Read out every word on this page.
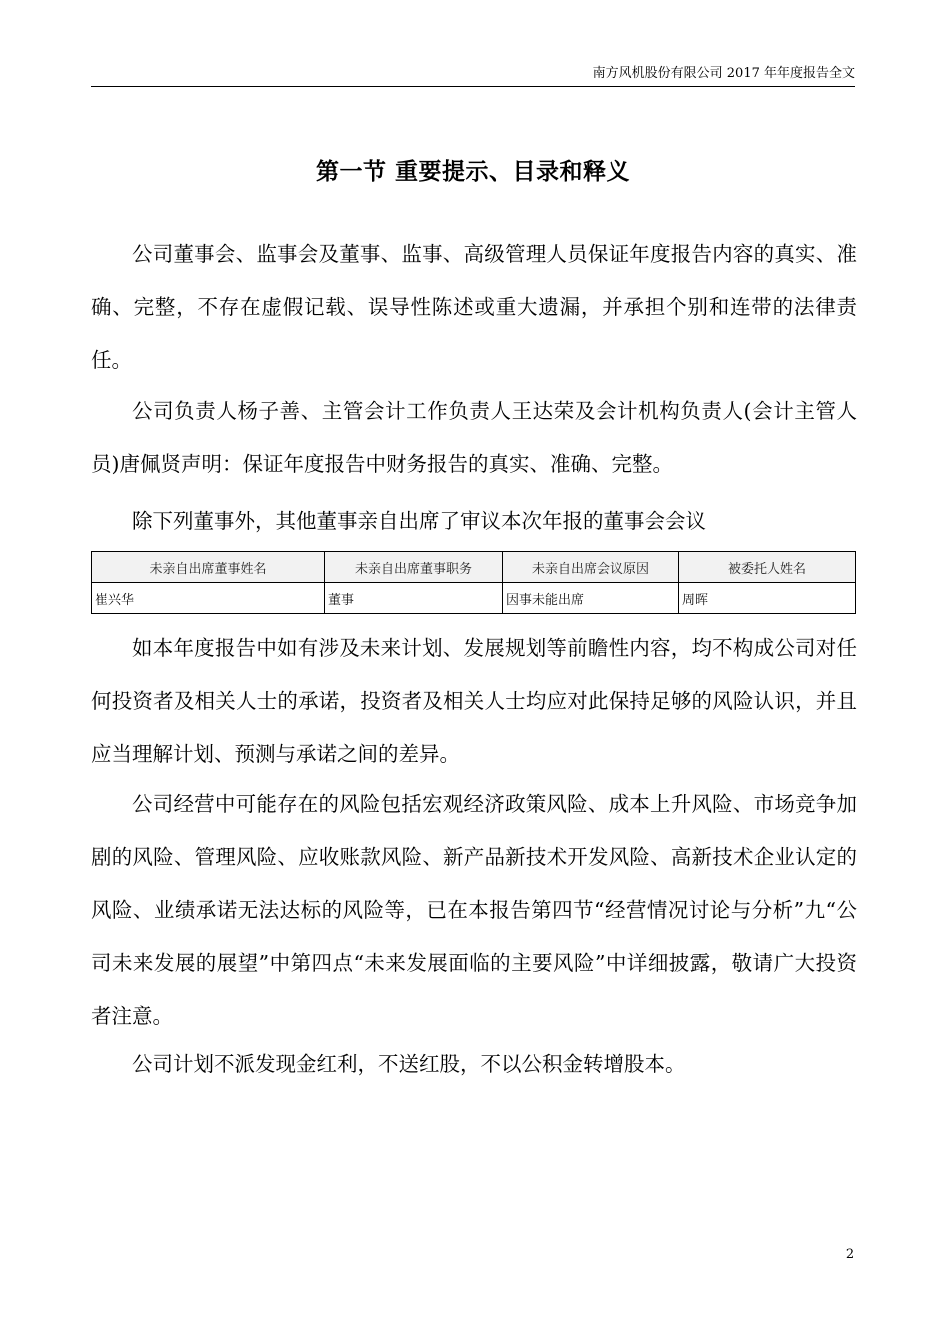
南方风机股份有限公司 2017 年年度报告全文
第一节 重要提示、目录和释义

公司董事会、监事会及董事、监事、高级管理人员保证年度报告内容的真实、准确、完整，不存在虚假记载、误导性陈述或重大遗漏，并承担个别和连带的法律责任。

公司负责人杨子善、主管会计工作负责人王达荣及会计机构负责人(会计主管人员)唐佩贤声明：保证年度报告中财务报告的真实、准确、完整。

除下列董事外，其他董事亲自出席了审议本次年报的董事会会议

未亲自出席董事姓名	未亲自出席董事职务	未亲自出席会议原因	被委托人姓名
崔兴华	董事	因事未能出席	周晖

如本年度报告中如有涉及未来计划、发展规划等前瞻性内容，均不构成公司对任何投资者及相关人士的承诺，投资者及相关人士均应对此保持足够的风险认识，并且应当理解计划、预测与承诺之间的差异。

公司经营中可能存在的风险包括宏观经济政策风险、成本上升风险、市场竞争加剧的风险、管理风险、应收账款风险、新产品新技术开发风险、高新技术企业认定的风险、业绩承诺无法达标的风险等，已在本报告第四节“经营情况讨论与分析”九“公司未来发展的展望”中第四点“未来发展面临的主要风险”中详细披露，敬请广大投资者注意。

公司计划不派发现金红利，不送红股，不以公积金转增股本。

2
